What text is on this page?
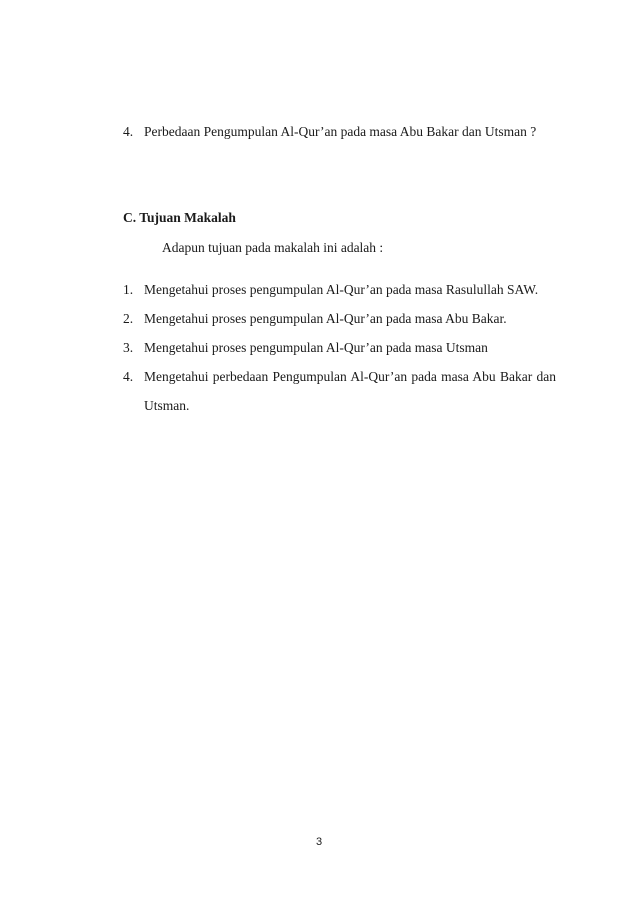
4. Perbedaan Pengumpulan Al-Qur’an pada masa Abu Bakar dan Utsman ?
C. Tujuan Makalah
Adapun tujuan pada makalah ini adalah :
1. Mengetahui proses pengumpulan Al-Qur’an pada masa Rasulullah SAW.
2. Mengetahui proses pengumpulan Al-Qur’an pada masa Abu Bakar.
3. Mengetahui proses pengumpulan Al-Qur’an pada masa Utsman
4. Mengetahui perbedaan Pengumpulan Al-Qur’an pada masa Abu Bakar dan
Utsman.
3
